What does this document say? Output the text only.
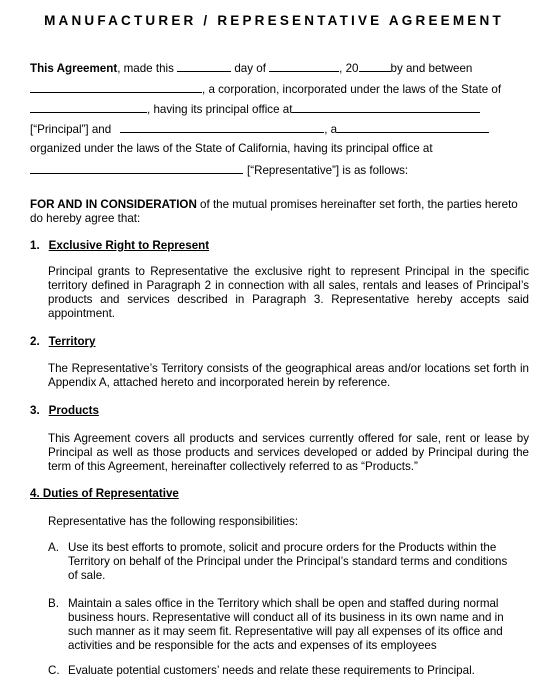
MANUFACTURER / REPRESENTATIVE AGREEMENT
This Agreement, made this	day of	, 20	by and between
, a corporation, incorporated under the laws of the State of
, having its principal office at
[“Principal”] and	, a
organized under the laws of the State of California, having its principal office at
[“Representative”] is as follows:
FOR AND IN CONSIDERATION of the mutual promises hereinafter set forth, the parties hereto do hereby agree that:
1. Exclusive Right to Represent
Principal grants to Representative the exclusive right to represent Principal in the specific territory defined in Paragraph 2 in connection with all sales, rentals and leases of Principal’s products and services described in Paragraph 3. Representative hereby accepts said appointment.
2. Territory
The Representative’s Territory consists of the geographical areas and/or locations set forth in Appendix A, attached hereto and incorporated herein by reference.
3. Products
This Agreement covers all products and services currently offered for sale, rent or lease by Principal as well as those products and services developed or added by Principal during the term of this Agreement, hereinafter collectively referred to as “Products.”
4. Duties of Representative
Representative has the following responsibilities:
A. Use its best efforts to promote, solicit and procure orders for the Products within the Territory on behalf of the Principal under the Principal’s standard terms and conditions of sale.
B. Maintain a sales office in the Territory which shall be open and staffed during normal business hours. Representative will conduct all of its business in its own name and in such manner as it may seem fit. Representative will pay all expenses of its office and activities and be responsible for the acts and expenses of its employees
C. Evaluate potential customers’ needs and relate these requirements to Principal.
